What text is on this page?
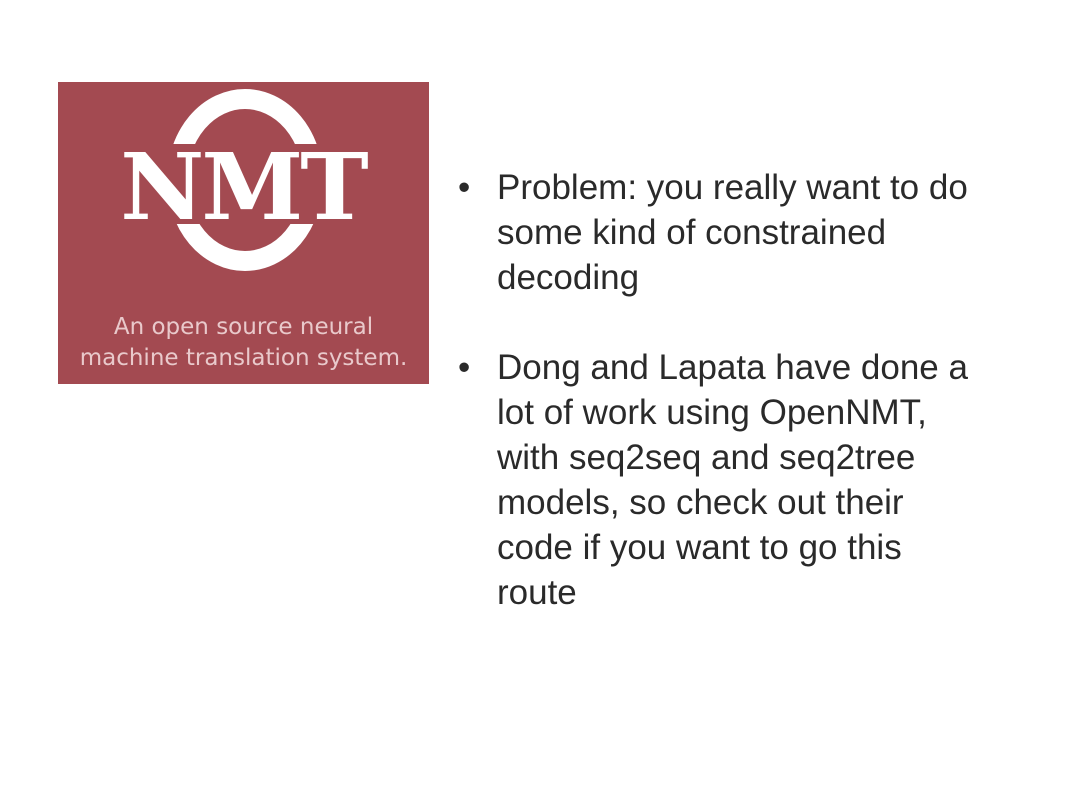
NMT
An open source neural
machine translation system.
• Problem: you really want to do
some kind of constrained
decoding
• Dong and Lapata have done a
lot of work using OpenNMT,
with seq2seq and seq2tree
models, so check out their
code if you want to go this
route
